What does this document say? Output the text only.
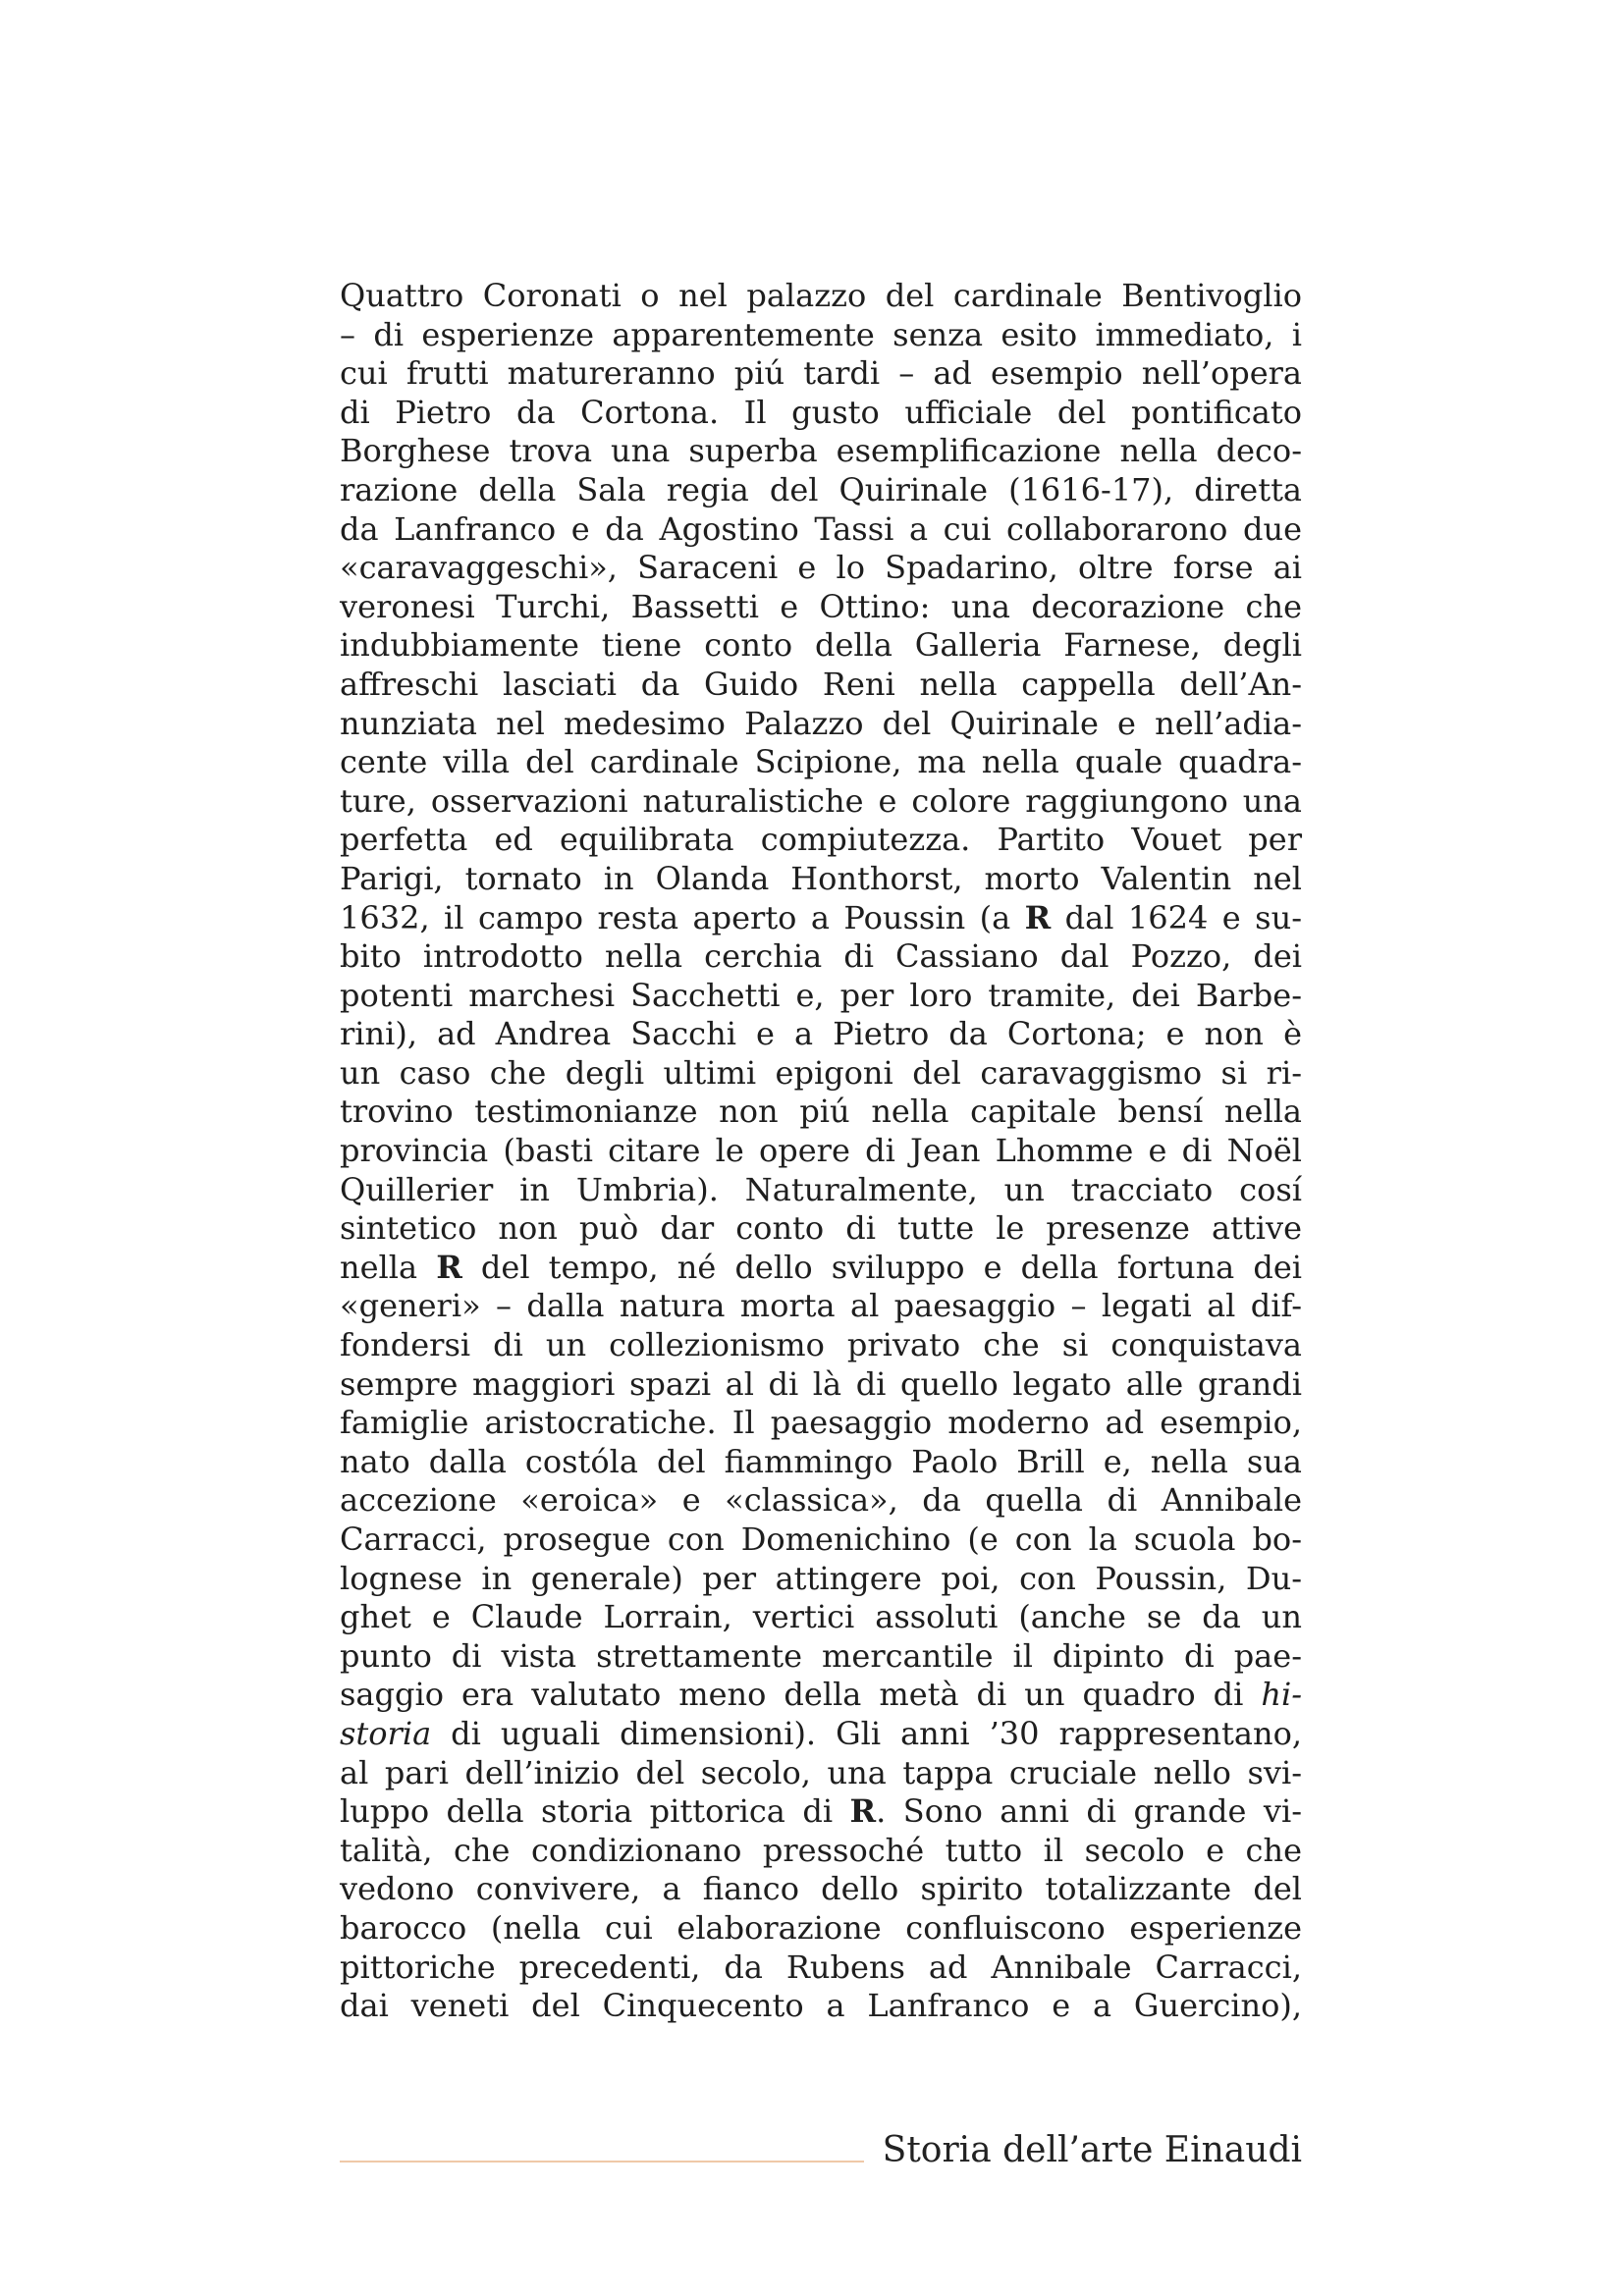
Quattro Coronati o nel palazzo del cardinale Bentivoglio
– di esperienze apparentemente senza esito immediato, i
cui frutti matureranno piú tardi – ad esempio nell’opera
di Pietro da Cortona. Il gusto ufficiale del pontificato
Borghese trova una superba esemplificazione nella deco-
razione della Sala regia del Quirinale (1616-17), diretta
da Lanfranco e da Agostino Tassi a cui collaborarono due
«caravaggeschi», Saraceni e lo Spadarino, oltre forse ai
veronesi Turchi, Bassetti e Ottino: una decorazione che
indubbiamente tiene conto della Galleria Farnese, degli
affreschi lasciati da Guido Reni nella cappella dell’An-
nunziata nel medesimo Palazzo del Quirinale e nell’adia-
cente villa del cardinale Scipione, ma nella quale quadra-
ture, osservazioni naturalistiche e colore raggiungono una
perfetta ed equilibrata compiutezza. Partito Vouet per
Parigi, tornato in Olanda Honthorst, morto Valentin nel
1632, il campo resta aperto a Poussin (a R dal 1624 e su-
bito introdotto nella cerchia di Cassiano dal Pozzo, dei
potenti marchesi Sacchetti e, per loro tramite, dei Barbe-
rini), ad Andrea Sacchi e a Pietro da Cortona; e non è
un caso che degli ultimi epigoni del caravaggismo si ri-
trovino testimonianze non piú nella capitale bensí nella
provincia (basti citare le opere di Jean Lhomme e di Noël
Quillerier in Umbria). Naturalmente, un tracciato cosí
sintetico non può dar conto di tutte le presenze attive
nella R del tempo, né dello sviluppo e della fortuna dei
«generi» – dalla natura morta al paesaggio – legati al dif-
fondersi di un collezionismo privato che si conquistava
sempre maggiori spazi al di là di quello legato alle grandi
famiglie aristocratiche. Il paesaggio moderno ad esempio,
nato dalla costóla del fiammingo Paolo Brill e, nella sua
accezione «eroica» e «classica», da quella di Annibale
Carracci, prosegue con Domenichino (e con la scuola bo-
lognese in generale) per attingere poi, con Poussin, Du-
ghet e Claude Lorrain, vertici assoluti (anche se da un
punto di vista strettamente mercantile il dipinto di pae-
saggio era valutato meno della metà di un quadro di hi-
storia di uguali dimensioni). Gli anni ’30 rappresentano,
al pari dell’inizio del secolo, una tappa cruciale nello svi-
luppo della storia pittorica di R. Sono anni di grande vi-
talità, che condizionano pressoché tutto il secolo e che
vedono convivere, a fianco dello spirito totalizzante del
barocco (nella cui elaborazione confluiscono esperienze
pittoriche precedenti, da Rubens ad Annibale Carracci,
dai veneti del Cinquecento a Lanfranco e a Guercino),
Storia dell’arte Einaudi
